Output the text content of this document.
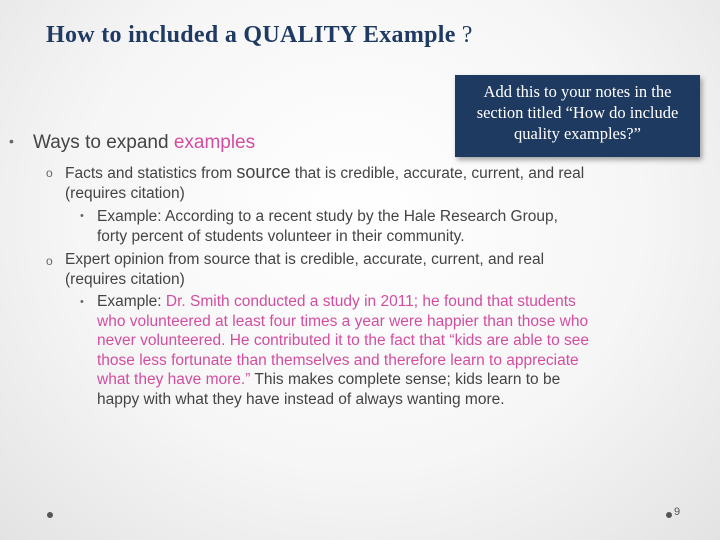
How to included a QUALITY Example ?
Add this to your notes in the section titled “How do include quality examples?”
• Ways to expand examples
o Facts and statistics from source that is credible, accurate, current, and real (requires citation)
• Example: According to a recent study by the Hale Research Group, forty percent of students volunteer in their community.
o Expert opinion from source that is credible, accurate, current, and real (requires citation)
• Example: Dr. Smith conducted a study in 2011; he found that students who volunteered at least four times a year were happier than those who never volunteered. He contributed it to the fact that “kids are able to see those less fortunate than themselves and therefore learn to appreciate what they have more.” This makes complete sense; kids learn to be happy with what they have instead of always wanting more.
9
